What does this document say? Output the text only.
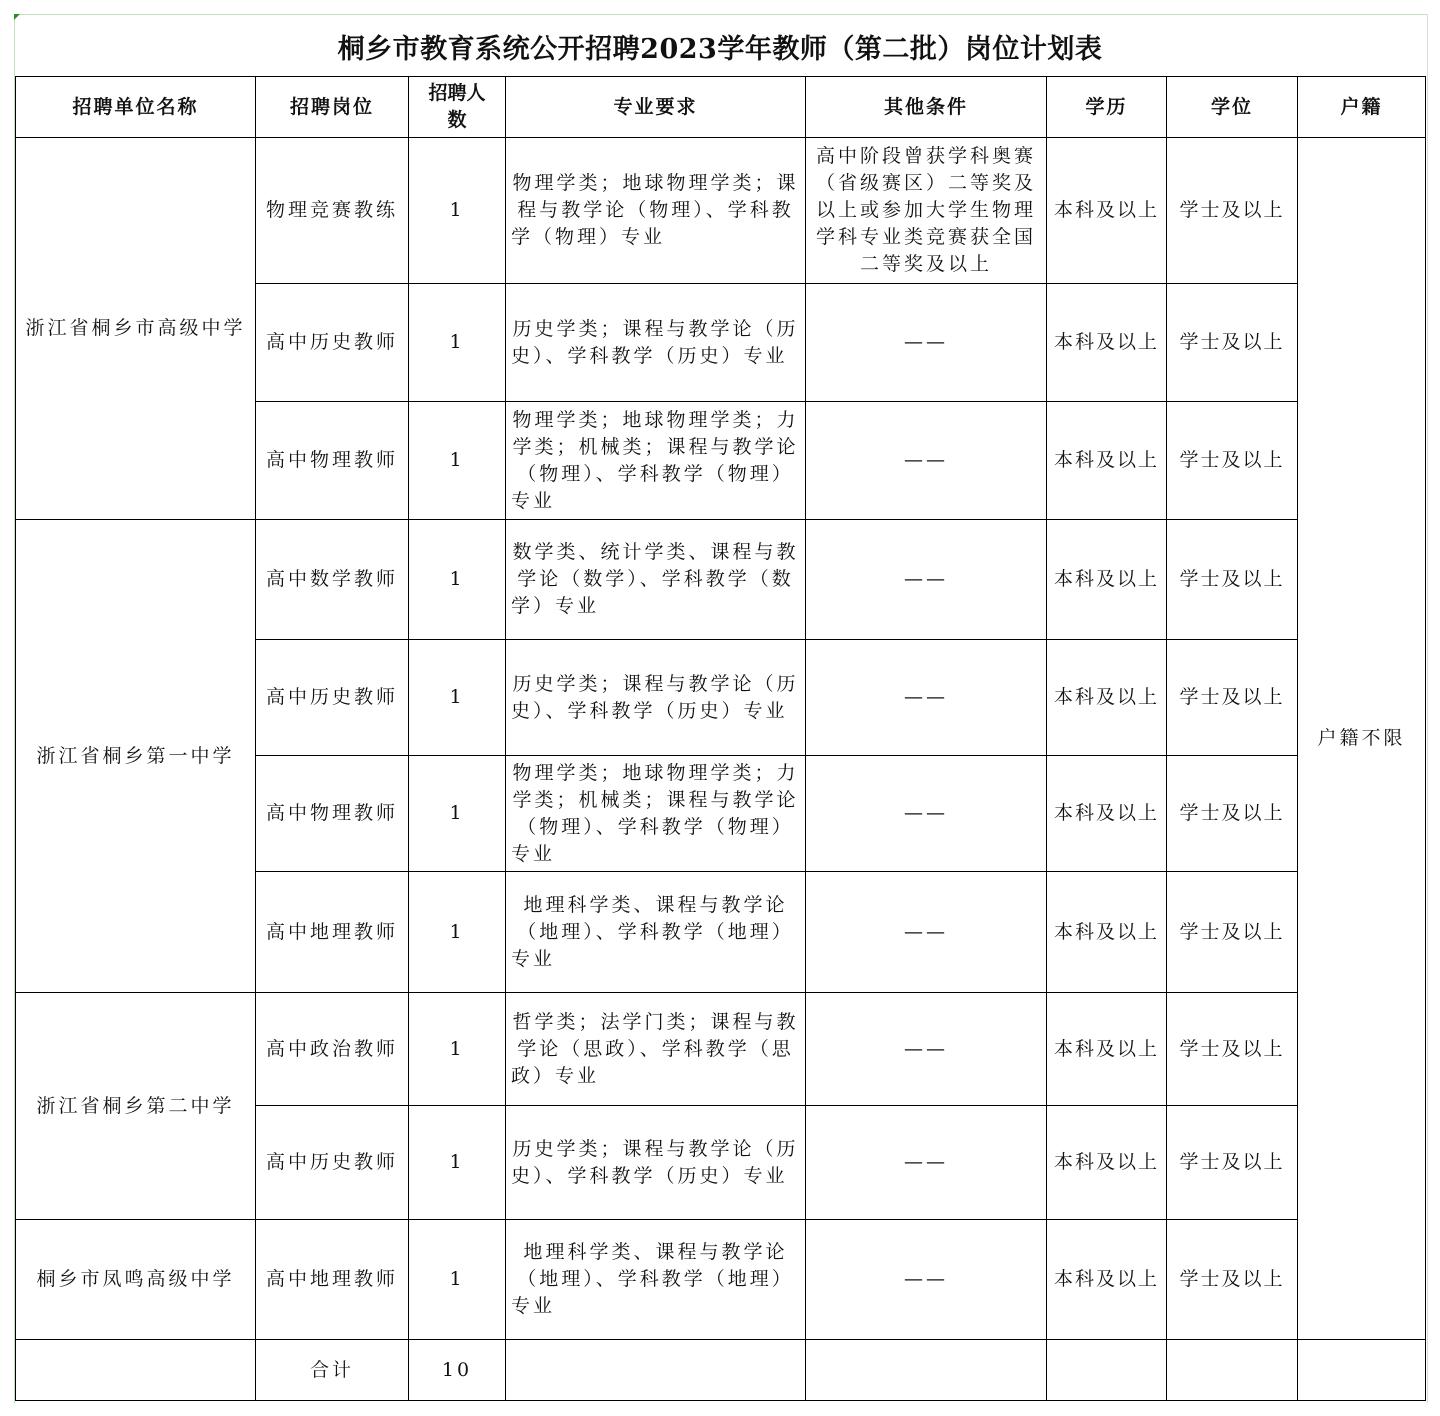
桐乡市教育系统公开招聘2023学年教师（第二批）岗位计划表
招聘单位名称	招聘岗位	招聘人数	专业要求	其他条件	学历	学位	户籍
浙江省桐乡市高级中学	物理竞赛教练	1	物理学类；地球物理学类；课程与教学论（物理）、学科教学（物理）专业	高中阶段曾获学科奥赛（省级赛区）二等奖及以上或参加大学生物理学科专业类竞赛获全国二等奖及以上	本科及以上	学士及以上	户籍不限
	高中历史教师	1	历史学类；课程与教学论（历史）、学科教学（历史）专业	——	本科及以上	学士及以上	
	高中物理教师	1	物理学类；地球物理学类；力学类；机械类；课程与教学论（物理）、学科教学（物理）专业	——	本科及以上	学士及以上	
浙江省桐乡第一中学	高中数学教师	1	数学类、统计学类、课程与教学论（数学）、学科教学（数学）专业	——	本科及以上	学士及以上	
	高中历史教师	1	历史学类；课程与教学论（历史）、学科教学（历史）专业	——	本科及以上	学士及以上	
	高中物理教师	1	物理学类；地球物理学类；力学类；机械类；课程与教学论（物理）、学科教学（物理）专业	——	本科及以上	学士及以上	
	高中地理教师	1	地理科学类、课程与教学论（地理）、学科教学（地理）专业	——	本科及以上	学士及以上	
浙江省桐乡第二中学	高中政治教师	1	哲学类；法学门类；课程与教学论（思政）、学科教学（思政）专业	——	本科及以上	学士及以上	
	高中历史教师	1	历史学类；课程与教学论（历史）、学科教学（历史）专业	——	本科及以上	学士及以上	
桐乡市凤鸣高级中学	高中地理教师	1	地理科学类、课程与教学论（地理）、学科教学（地理）专业	——	本科及以上	学士及以上	
	合计	10					
